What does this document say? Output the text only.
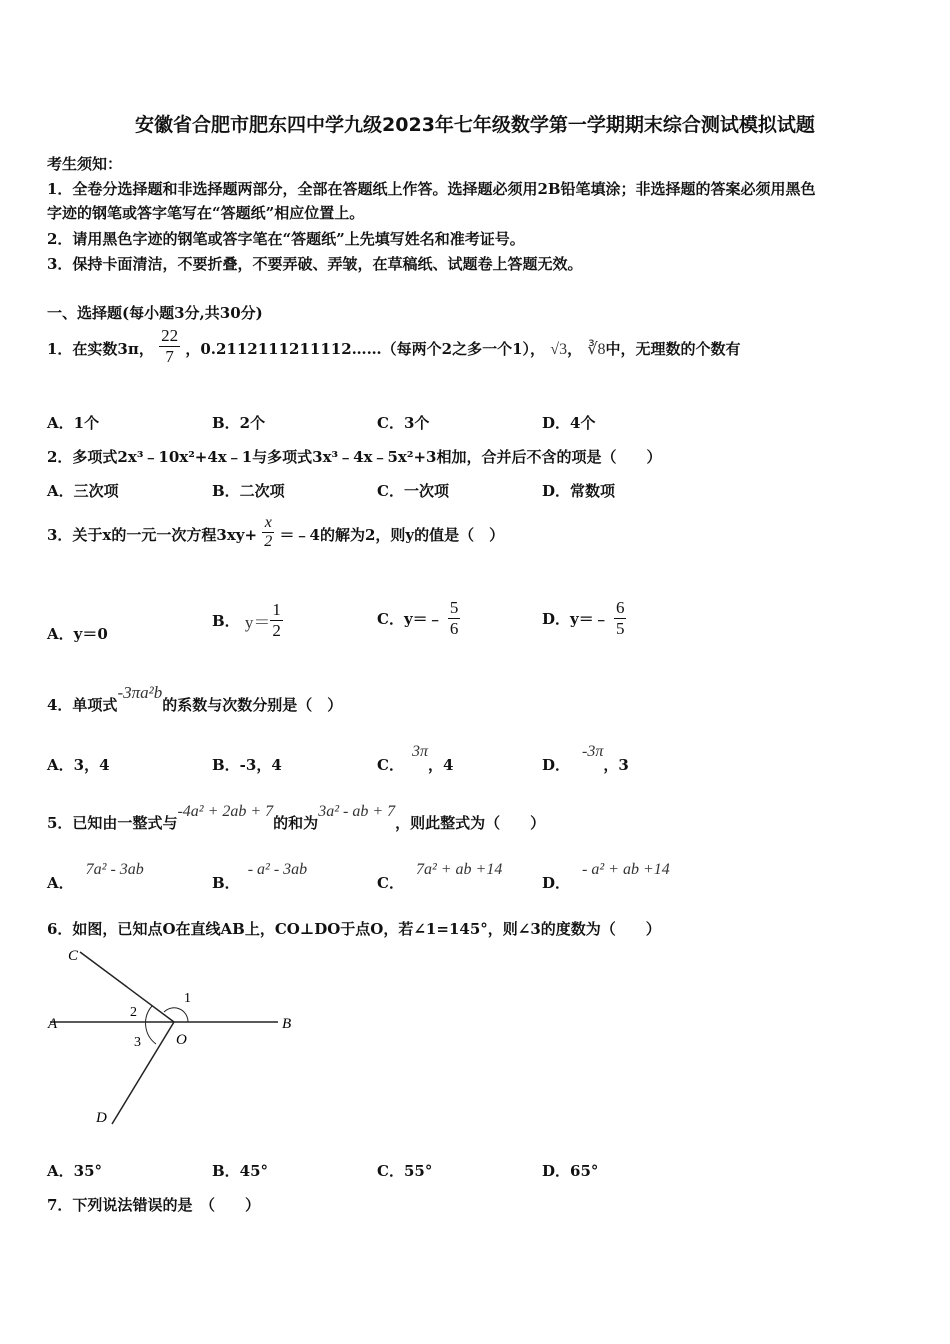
安徽省合肥市肥东四中学九级2023年七年级数学第一学期期末综合测试模拟试题
考生须知：
1．全卷分选择题和非选择题两部分，全部在答题纸上作答。选择题必须用2B铅笔填涂；非选择题的答案必须用黑色
字迹的钢笔或答字笔写在“答题纸”相应位置上。
2．请用黑色字迹的钢笔或答字笔在“答题纸”上先填写姓名和准考证号。
3．保持卡面清洁，不要折叠，不要弄破、弄皱，在草稿纸、试题卷上答题无效。
一、选择题(每小题3分,共30分)
1．在实数3π， $\frac{22}{7}$ ，0.2112111211112……（每两个2之多一个1）， √3， ∛8中，无理数的个数有
A．1个	B．2个	C．3个	D．4个
2．多项式2x³﹣10x²+4x﹣1与多项式3x³﹣4x﹣5x²+3相加，合并后不含的项是（　　）
A．三次项	B．二次项	C．一次项	D．常数项
3．关于x的一元一次方程$3xy+ \frac{x}{2}$ ＝﹣4的解为2，则y的值是（　）
A．y＝0
B． $y= \frac{1}{2}$	C．y＝﹣ $\frac{5}{6}$	D．y＝﹣ $\frac{6}{5}$
4．单项式-3πa²b的系数与次数分别是（　）
A．3，4	B．-3，4	C．3π，4	D．-3π，3
5．已知由一整式与-4a² + 2ab + 7的和为3a² - ab + 7，则此整式为（　　）
A．7a² - 3ab
B．- a² - 3ab
C．7a² + ab +14
D．- a² + ab +14
6．如图，已知点O在直线AB上，CO⊥DO于点O，若∠1=145°，则∠3的度数为（　　）
C
A	B
O
D
1
2
3
A．35°	B．45°	C．55°	D．65°
7．下列说法错误的是　（　　）
